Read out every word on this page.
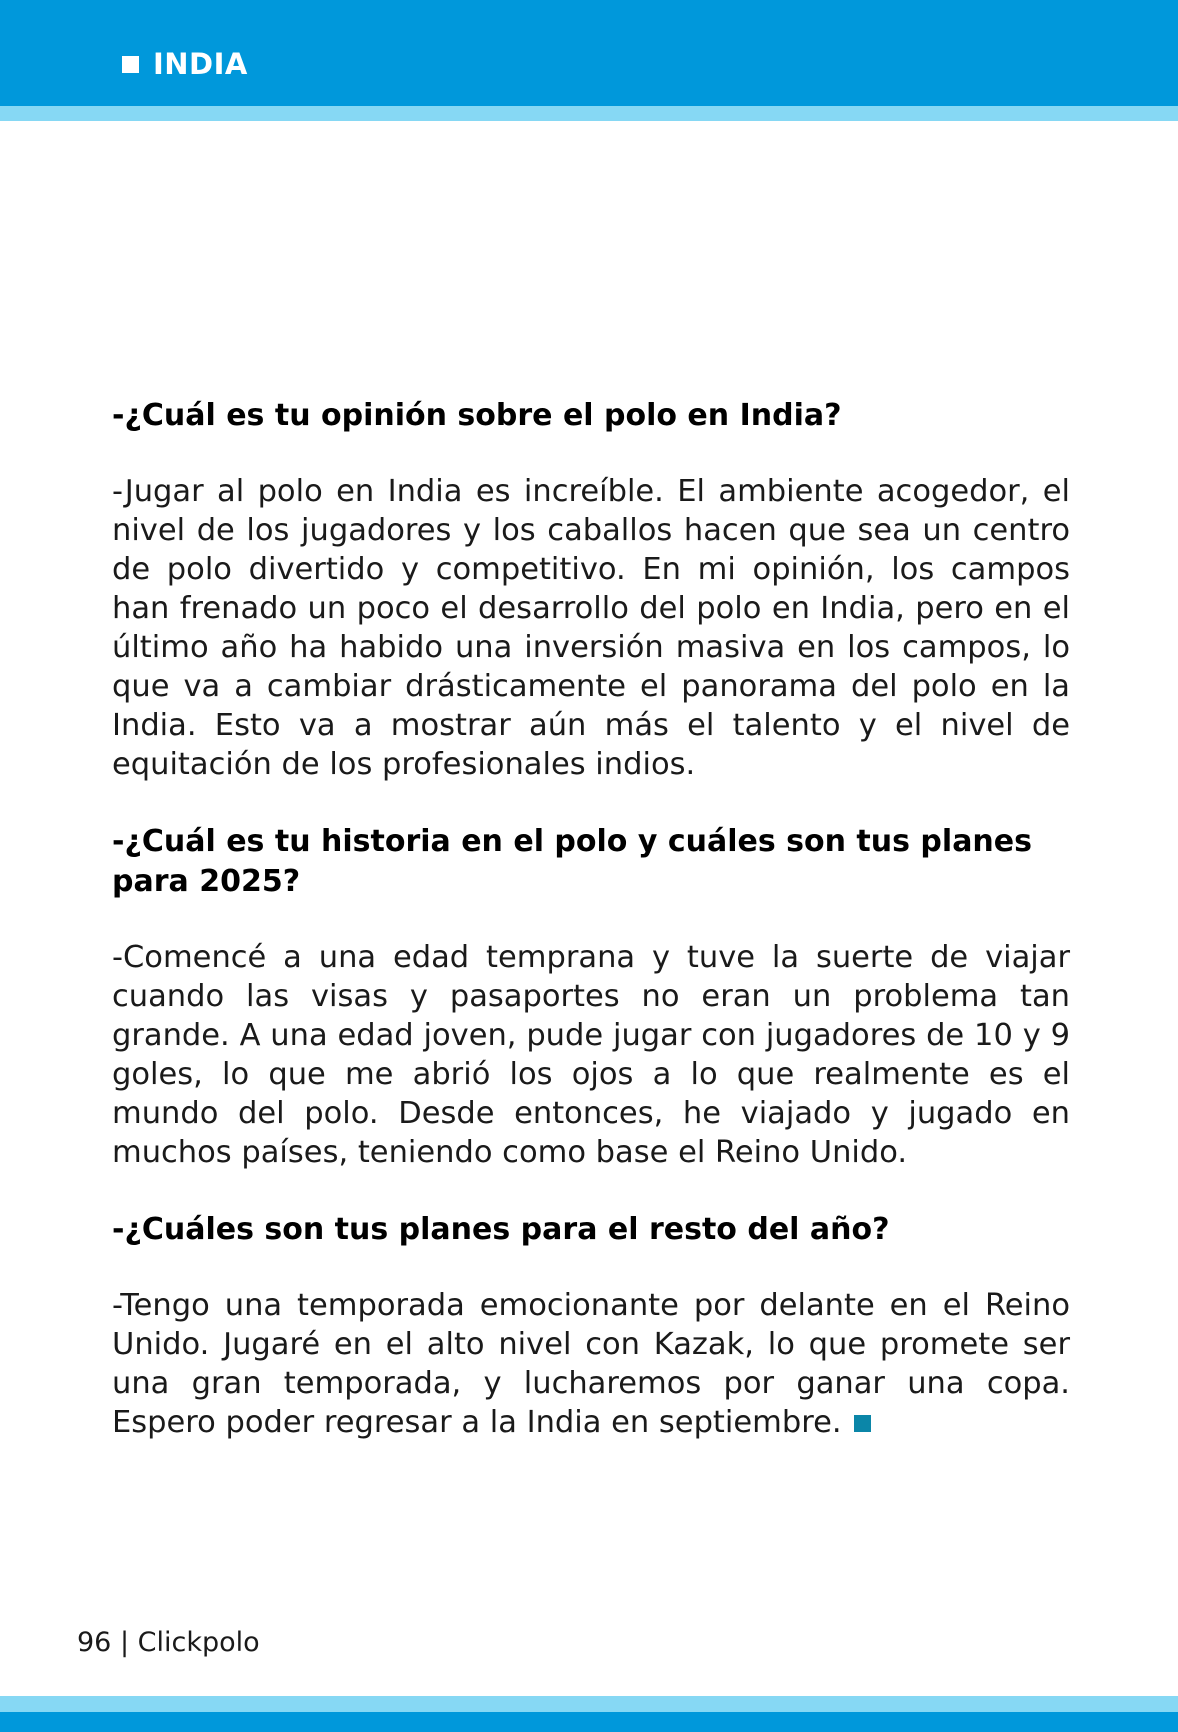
INDIA

-¿Cuál es tu opinión sobre el polo en India?

-Jugar al polo en India es increíble. El ambiente acogedor, el nivel de los jugadores y los caballos hacen que sea un centro de polo divertido y competitivo. En mi opinión, los campos han frenado un poco el desarrollo del polo en India, pero en el último año ha habido una inversión masiva en los campos, lo que va a cambiar drásticamente el panorama del polo en la India. Esto va a mostrar aún más el talento y el nivel de equitación de los profesionales indios.

-¿Cuál es tu historia en el polo y cuáles son tus planes para 2025?

-Comencé a una edad temprana y tuve la suerte de viajar cuando las visas y pasaportes no eran un problema tan grande. A una edad joven, pude jugar con jugadores de 10 y 9 goles, lo que me abrió los ojos a lo que realmente es el mundo del polo. Desde entonces, he viajado y jugado en muchos países, teniendo como base el Reino Unido.

-¿Cuáles son tus planes para el resto del año?

-Tengo una temporada emocionante por delante en el Reino Unido. Jugaré en el alto nivel con Kazak, lo que promete ser una gran temporada, y lucharemos por ganar una copa. Espero poder regresar a la India en septiembre.

96 | Clickpolo
